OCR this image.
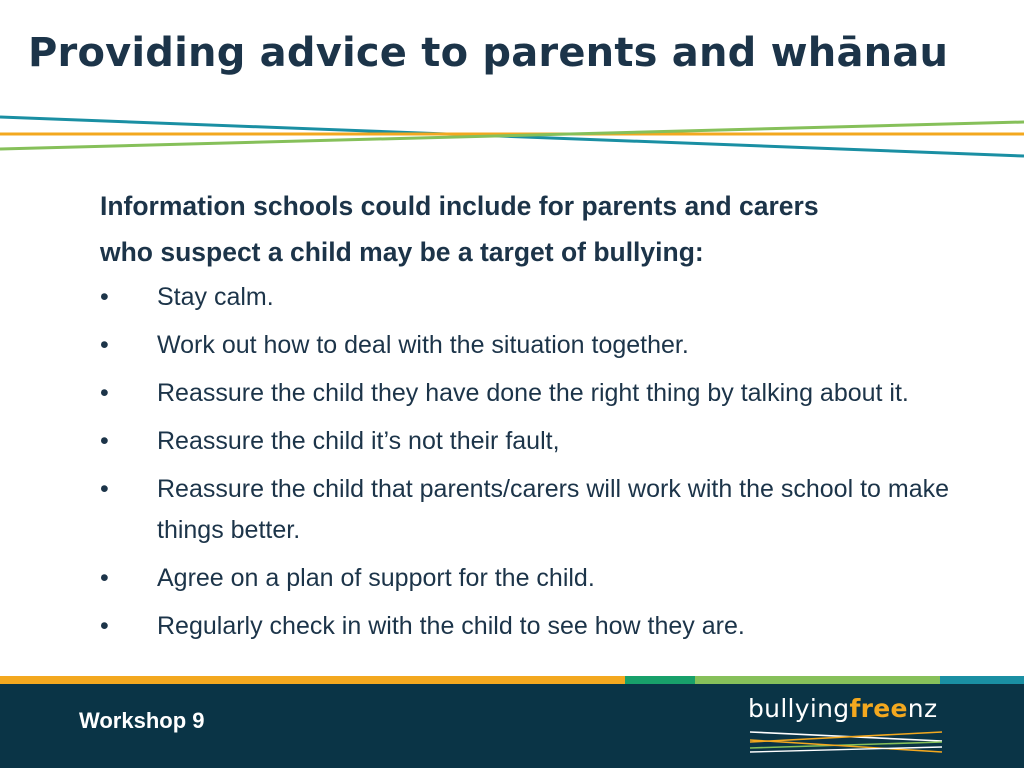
Providing advice to parents and whānau

Information schools could include for parents and carers
who suspect a child may be a target of bullying:

• Stay calm.
• Work out how to deal with the situation together.
• Reassure the child they have done the right thing by talking about it.
• Reassure the child it’s not their fault,
• Reassure the child that parents/carers will work with the school to make things better.
• Agree on a plan of support for the child.
• Regularly check in with the child to see how they are.
Workshop 9	bullyingfreenz
